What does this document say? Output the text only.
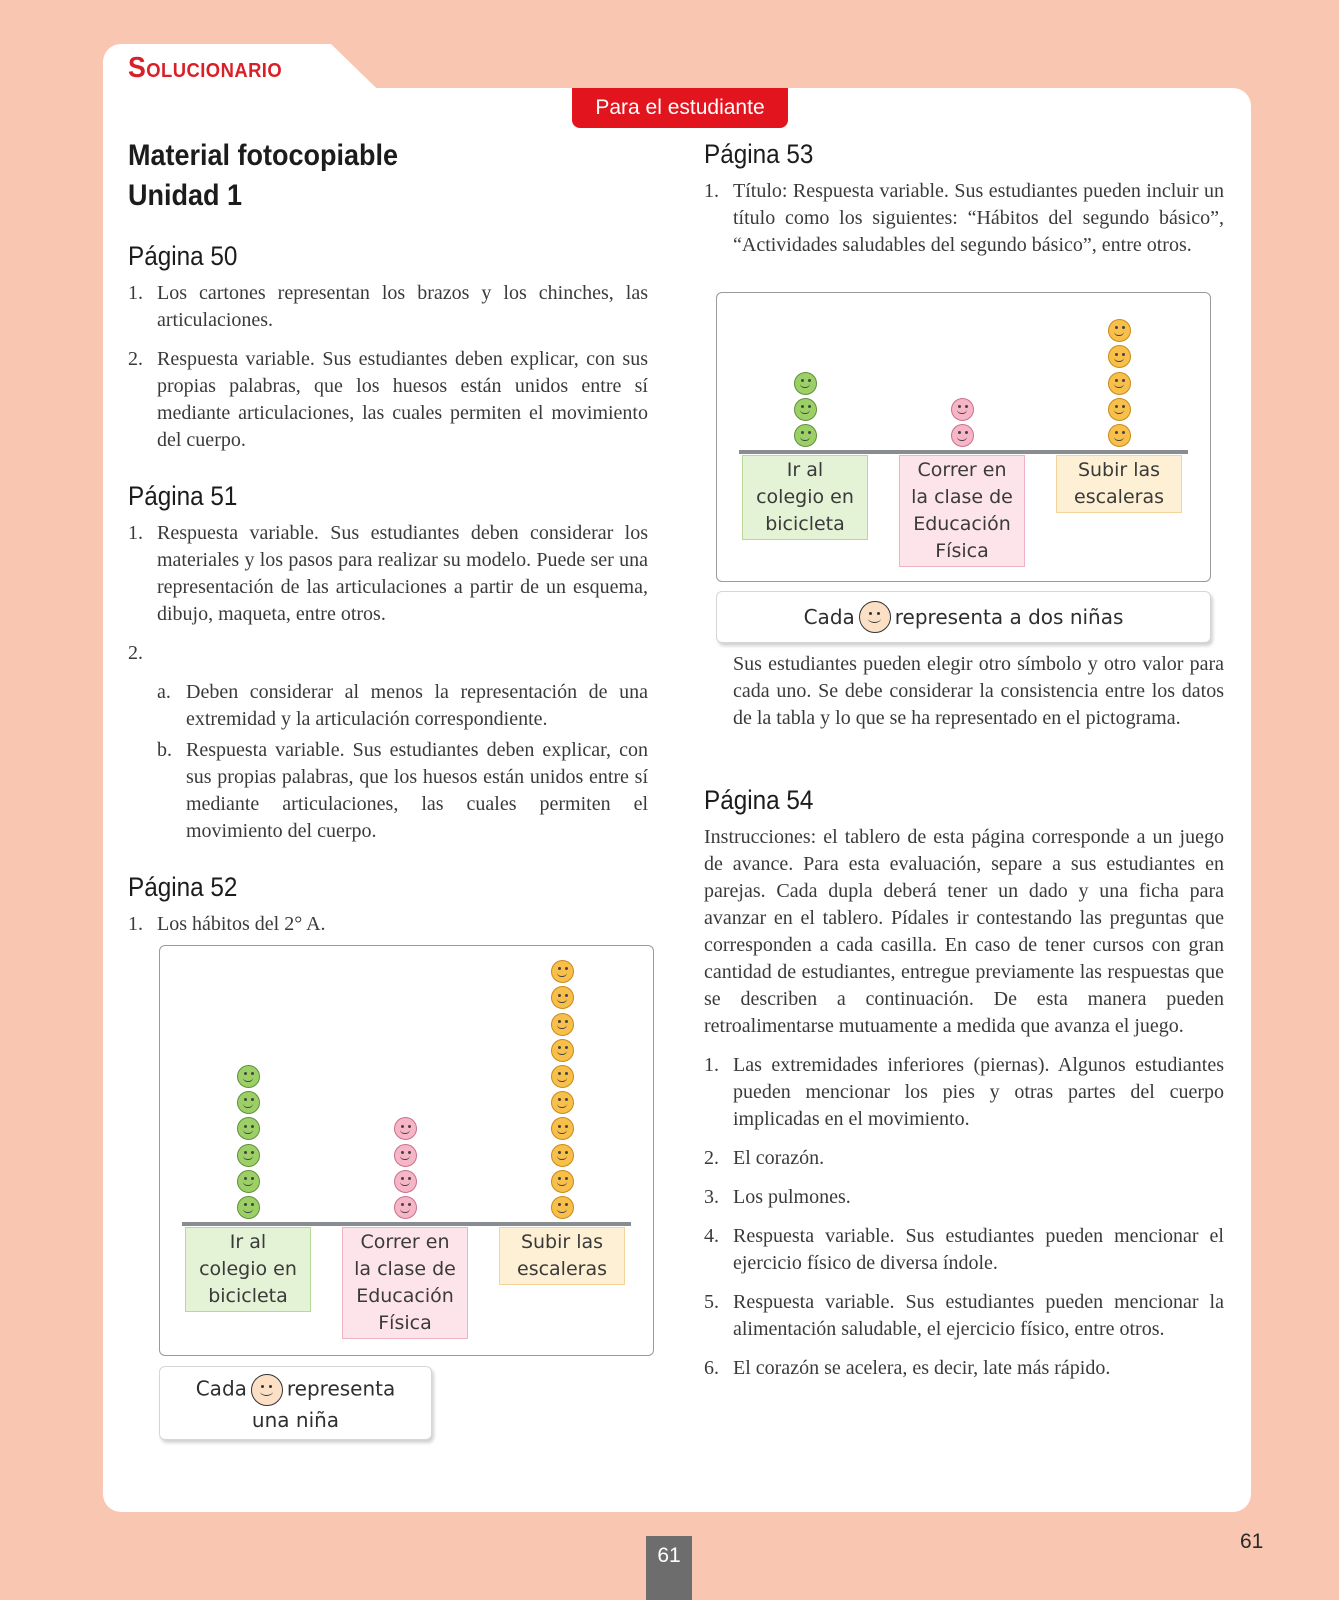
Solucionario
Para el estudiante
Material fotocopiable
Unidad 1
Página 50
1. Los cartones representan los brazos y los chinches, las articulaciones.
2. Respuesta variable. Sus estudiantes deben explicar, con sus propias palabras, que los huesos están unidos entre sí mediante articulaciones, las cuales permiten el movimiento del cuerpo.
Página 51
1. Respuesta variable. Sus estudiantes deben considerar los materiales y los pasos para realizar su modelo. Puede ser una representación de las articulaciones a partir de un esquema, dibujo, maqueta, entre otros.
2.
a. Deben considerar al menos la representación de una extremidad y la articulación correspondiente.
b. Respuesta variable. Sus estudiantes deben explicar, con sus propias palabras, que los huesos están unidos entre sí mediante articulaciones, las cuales permiten el movimiento del cuerpo.
Página 52
1. Los hábitos del 2° A.
Ir al
colegio en
bicicleta
Correr en
la clase de
Educación
Física
Subir las
escaleras
Cada representa
una niña
Página 53
1. Título: Respuesta variable. Sus estudiantes pueden incluir un título como los siguientes: “Hábitos del segundo básico”, “Actividades saludables del segundo básico”, entre otros.
Ir al
colegio en
bicicleta
Correr en
la clase de
Educación
Física
Subir las
escaleras
Cada representa a dos niñas

Sus estudiantes pueden elegir otro símbolo y otro valor para cada uno. Se debe considerar la consistencia entre los datos de la tabla y lo que se ha representado en el pictograma.

Página 54

Instrucciones: el tablero de esta página corresponde a un juego de avance. Para esta evaluación, separe a sus estudiantes en parejas. Cada dupla deberá tener un dado y una ficha para avanzar en el tablero. Pídales ir contestando las preguntas que corresponden a cada casilla. En caso de tener cursos con gran cantidad de estudiantes, entregue previamente las respuestas que se describen a continuación. De esta manera pueden retroalimentarse mutuamente a medida que avanza el juego.

1. Las extremidades inferiores (piernas). Algunos estudiantes pueden mencionar los pies y otras partes del cuerpo implicadas en el movimiento.
2. El corazón.
3. Los pulmones.
4. Respuesta variable. Sus estudiantes pueden mencionar el ejercicio físico de diversa índole.
5. Respuesta variable. Sus estudiantes pueden mencionar la alimentación saludable, el ejercicio físico, entre otros.
6. El corazón se acelera, es decir, late más rápido.
61
61
